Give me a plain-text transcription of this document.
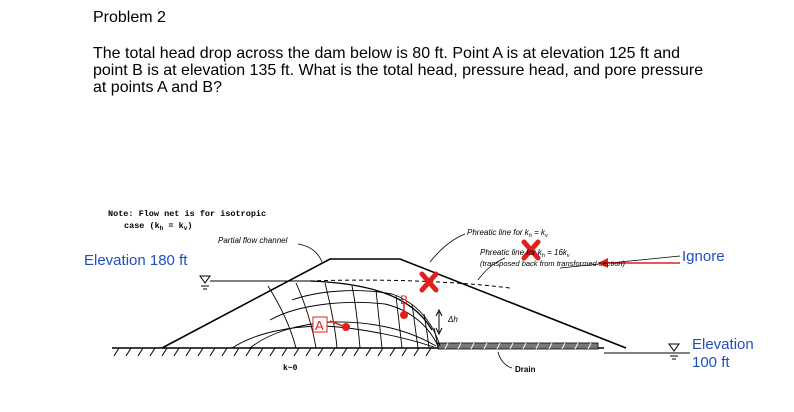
Problem 2
The total head drop across the dam below is 80 ft. Point A is at elevation 125 ft and
point B is at elevation 135 ft. What is the total head, pressure head, and pore pressure
at points A and B?
A
B
Note: Flow net is for isotropic
case $(k_h = k_v)$
Partial flow channel
Phreatic line for $k_h = k_v$
Phreatic line for $k_h = 16k_v$
(transposed back from transformed section)
Δh
k~0	Drain
Elevation 180 ft	Ignore
Elevation
100 ft
